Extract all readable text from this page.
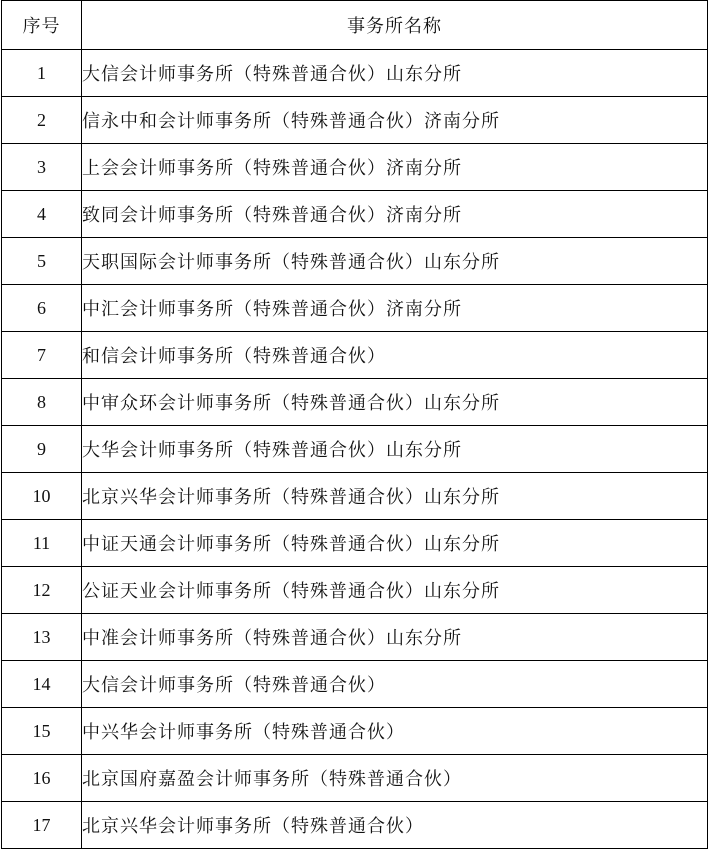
序号	事务所名称
1	大信会计师事务所（特殊普通合伙）山东分所
2	信永中和会计师事务所（特殊普通合伙）济南分所
3	上会会计师事务所（特殊普通合伙）济南分所
4	致同会计师事务所（特殊普通合伙）济南分所
5	天职国际会计师事务所（特殊普通合伙）山东分所
6	中汇会计师事务所（特殊普通合伙）济南分所
7	和信会计师事务所（特殊普通合伙）
8	中审众环会计师事务所（特殊普通合伙）山东分所
9	大华会计师事务所（特殊普通合伙）山东分所
10	北京兴华会计师事务所（特殊普通合伙）山东分所
11	中证天通会计师事务所（特殊普通合伙）山东分所
12	公证天业会计师事务所（特殊普通合伙）山东分所
13	中准会计师事务所（特殊普通合伙）山东分所
14	大信会计师事务所（特殊普通合伙）
15	中兴华会计师事务所（特殊普通合伙）
16	北京国府嘉盈会计师事务所（特殊普通合伙）
17	北京兴华会计师事务所（特殊普通合伙）
